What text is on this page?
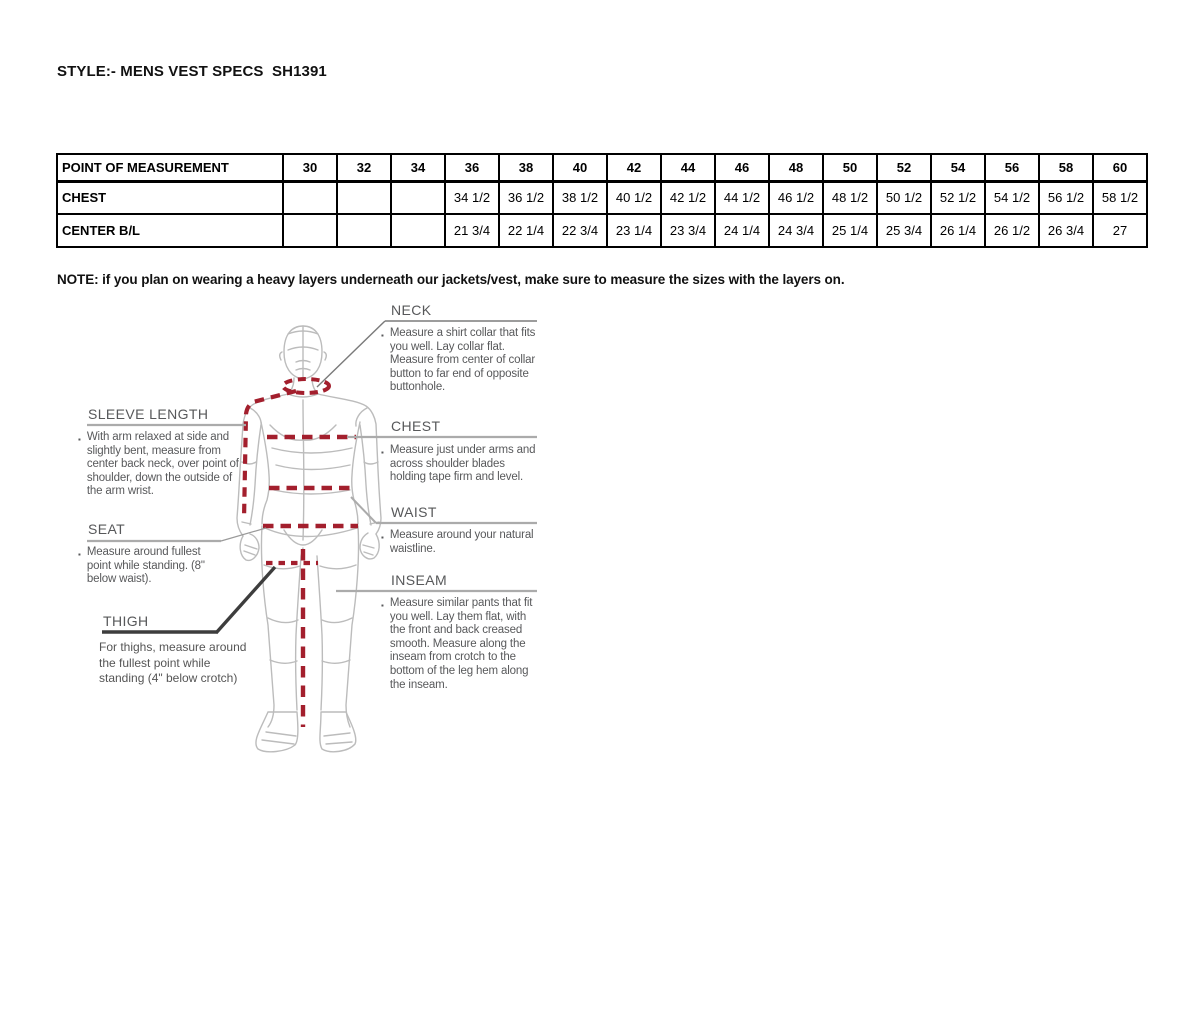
STYLE:- MENS VEST SPECS  SH1391
POINT OF MEASUREMENT	30	32	34	36	38	40	42	44	46	48	50	52	54	56	58	60
CHEST				34 1/2	36 1/2	38 1/2	40 1/2	42 1/2	44 1/2	46 1/2	48 1/2	50 1/2	52 1/2	54 1/2	56 1/2	58 1/2
CENTER B/L				21 3/4	22 1/4	22 3/4	23 1/4	23 3/4	24 1/4	24 3/4	25 1/4	25 3/4	26 1/4	26 1/2	26 3/4	27
NOTE: if you plan on wearing a heavy layers underneath our jackets/vest, make sure to measure the sizes with the layers on.
NECK
▪ Measure a shirt collar that fits you well. Lay collar flat. Measure from center of collar button to far end of opposite buttonhole.
CHEST
▪ Measure just under arms and across shoulder blades holding tape firm and level.
WAIST
▪ Measure around your natural waistline.
INSEAM
▪ Measure similar pants that fit you well. Lay them flat, with the front and back creased smooth. Measure along the inseam from crotch to the bottom of the leg hem along the inseam.
SLEEVE LENGTH
▪ With arm relaxed at side and slightly bent, measure from center back neck, over point of shoulder, down the outside of the arm wrist.
SEAT
▪ Measure around fullest point while standing. (8" below waist).
THIGH
For thighs, measure around the fullest point while standing (4" below crotch)
